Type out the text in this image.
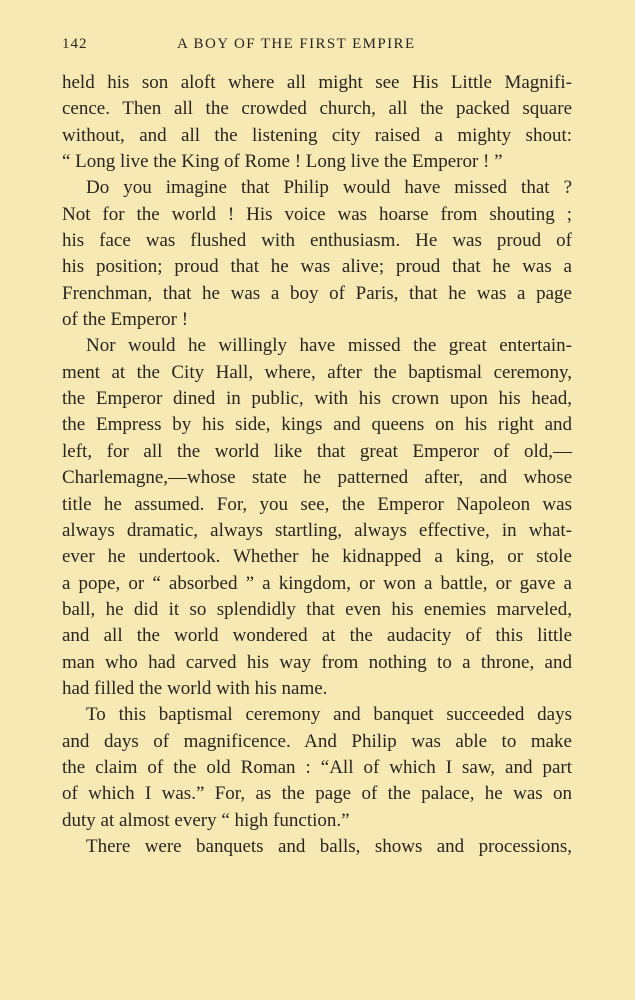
142	A BOY OF THE FIRST EMPIRE
held his son aloft where all might see His Little Magnifi-
cence. Then all the crowded church, all the packed square
without, and all the listening city raised a mighty shout:
“ Long live the King of Rome ! Long live the Emperor ! ”
Do you imagine that Philip would have missed that ?
Not for the world ! His voice was hoarse from shouting ;
his face was flushed with enthusiasm. He was proud of
his position; proud that he was alive; proud that he was a
Frenchman, that he was a boy of Paris, that he was a page
of the Emperor !
Nor would he willingly have missed the great entertain-
ment at the City Hall, where, after the baptismal ceremony,
the Emperor dined in public, with his crown upon his head,
the Empress by his side, kings and queens on his right and
left, for all the world like that great Emperor of old,—
Charlemagne,—whose state he patterned after, and whose
title he assumed. For, you see, the Emperor Napoleon was
always dramatic, always startling, always effective, in what-
ever he undertook. Whether he kidnapped a king, or stole
a pope, or “ absorbed ” a kingdom, or won a battle, or gave a
ball, he did it so splendidly that even his enemies marveled,
and all the world wondered at the audacity of this little
man who had carved his way from nothing to a throne, and
had filled the world with his name.
To this baptismal ceremony and banquet succeeded days
and days of magnificence. And Philip was able to make
the claim of the old Roman : “All of which I saw, and part
of which I was.” For, as the page of the palace, he was on
duty at almost every “ high function.”
There were banquets and balls, shows and processions,
